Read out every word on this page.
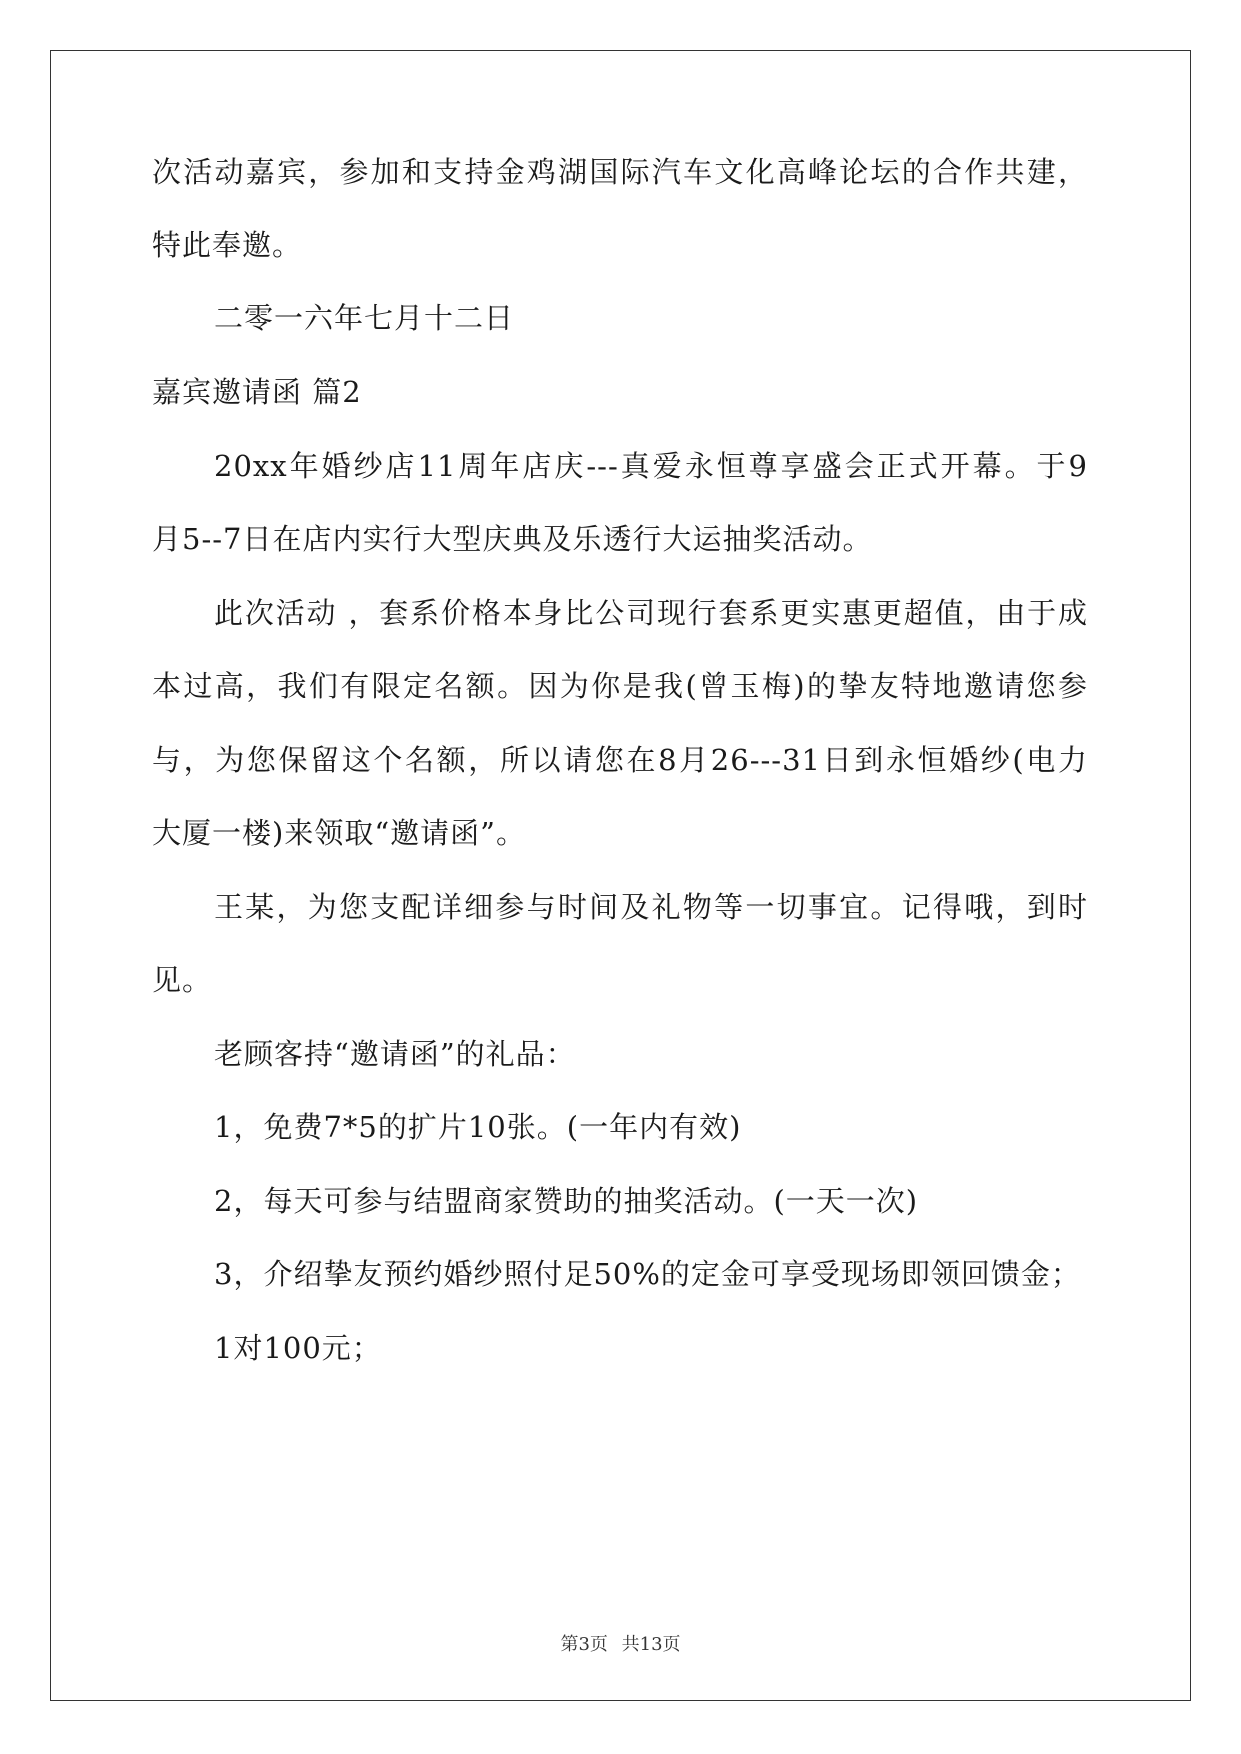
次活动嘉宾，参加和支持金鸡湖国际汽车文化高峰论坛的合作共建，
特此奉邀。
二零一六年七月十二日
嘉宾邀请函 篇2
20xx年婚纱店11周年店庆---真爱永恒尊享盛会正式开幕。于9
月5--7日在店内实行大型庆典及乐透行大运抽奖活动。
此次活动 ，套系价格本身比公司现行套系更实惠更超值，由于成
本过高，我们有限定名额。因为你是我(曾玉梅)的挚友特地邀请您参
与，为您保留这个名额，所以请您在8月26---31日到永恒婚纱(电力
大厦一楼)来领取“邀请函”。
王某，为您支配详细参与时间及礼物等一切事宜。记得哦，到时
见。
老顾客持“邀请函”的礼品：
1，免费7*5的扩片10张。(一年内有效)
2，每天可参与结盟商家赞助的抽奖活动。(一天一次)
3，介绍挚友预约婚纱照付足50%的定金可享受现场即领回馈金；
1对100元；
第3页 共13页
